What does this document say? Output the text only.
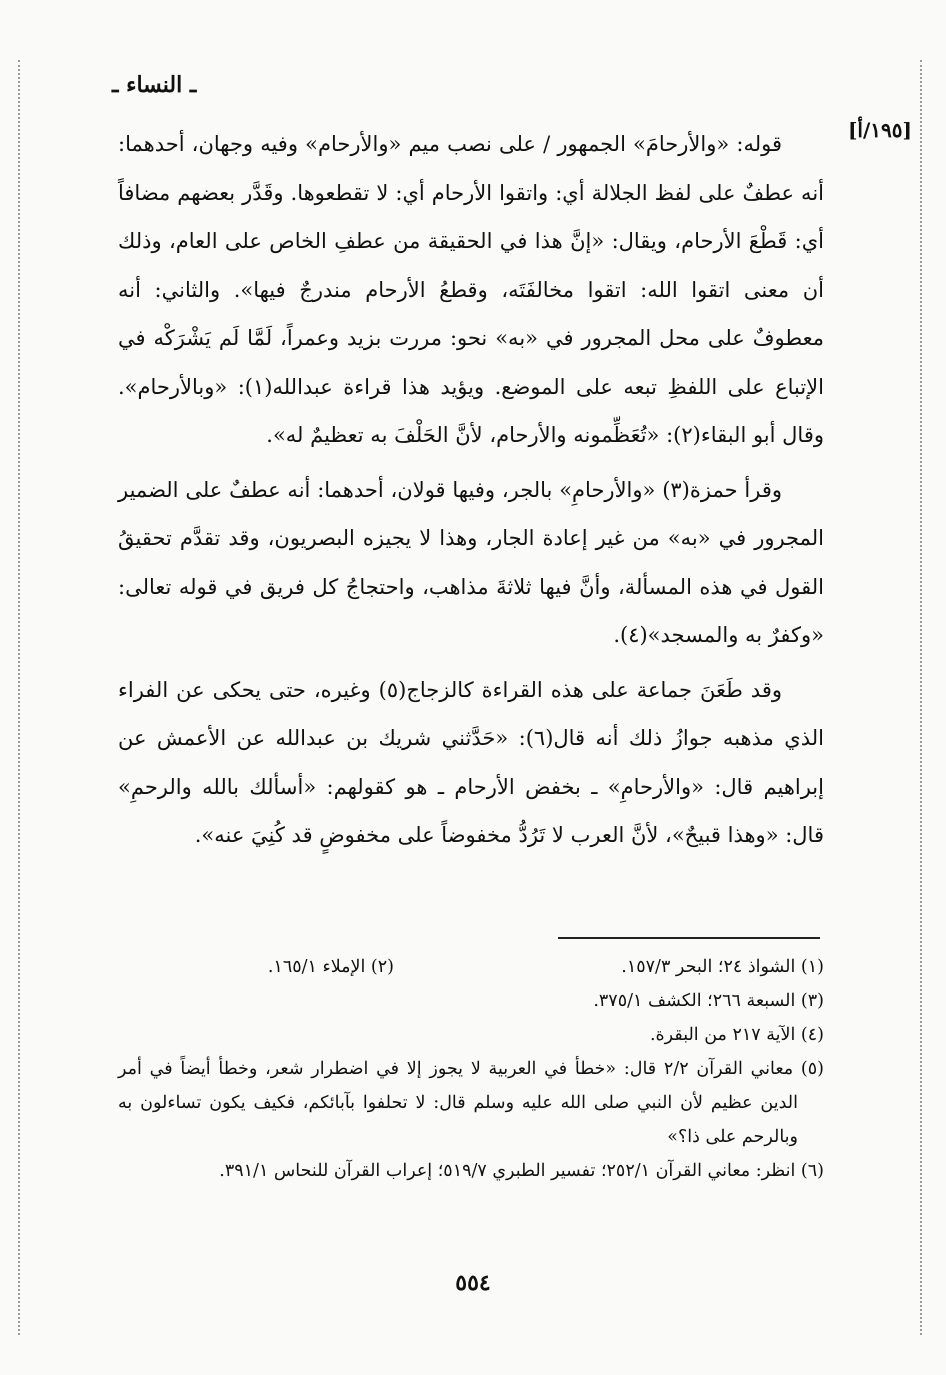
ـ النساء ـ
[١٩٥/أ]

قوله: «والأرحامَ» الجمهور / على نصب ميم «والأرحام» وفيه وجهان، أحدهما: أنه عطفٌ على لفظ الجلالة أي: واتقوا الأرحام أي: لا تقطعوها. وقَدَّر بعضهم مضافاً أي: قَطْعَ الأرحام، ويقال: «إنَّ هذا في الحقيقة من عطفِ الخاص على العام، وذلك أن معنى اتقوا الله: اتقوا مخالفَتَه، وقطعُ الأرحام مندرجٌ فيها». والثاني: أنه معطوفٌ على محل المجرور في «به» نحو: مررت بزيد وعمراً، لَمَّا لَم يَشْرَكْه في الإتباع على اللفظِ تبعه على الموضع. ويؤيد هذا قراءة عبدالله(١): «وبالأرحام». وقال أبو البقاء(٢): «تُعَظِّمونه والأرحام، لأنَّ الحَلْفَ به تعظيمٌ له».

وقرأ حمزة(٣) «والأرحامِ» بالجر، وفيها قولان، أحدهما: أنه عطفٌ على الضمير المجرور في «به» من غير إعادة الجار، وهذا لا يجيزه البصريون، وقد تقدَّم تحقيقُ القول في هذه المسألة، وأنَّ فيها ثلاثةَ مذاهب، واحتجاجُ كل فريق في قوله تعالى: «وكفرٌ به والمسجد»(٤).

وقد طَعَنَ جماعة على هذه القراءة كالزجاج(٥) وغيره، حتى يحكى عن الفراء الذي مذهبه جوازُ ذلك أنه قال(٦): «حَدَّثني شريك بن عبدالله عن الأعمش عن إبراهيم قال: «والأرحامِ» ـ بخفض الأرحام ـ هو كقولهم: «أسألك بالله والرحمِ» قال: «وهذا قبيحٌ»، لأنَّ العرب لا تَرُدُّ مخفوضاً على مخفوضٍ قد كُنِيَ عنه».

(١) الشواذ ٢٤؛ البحر ١٥٧/٣.
(٢) الإملاء ١٦٥/١.
(٣) السبعة ٢٦٦؛ الكشف ٣٧٥/١.
(٤) الآية ٢١٧ من البقرة.
(٥) معاني القرآن ٢/٢ قال: «خطأ في العربية لا يجوز إلا في اضطرار شعر، وخطأ أيضاً في أمر الدين عظيم لأن النبي صلى الله عليه وسلم قال: لا تحلفوا بآبائكم، فكيف يكون تساءلون به وبالرحم على ذا؟»
(٦) انظر: معاني القرآن ٢٥٢/١؛ تفسير الطبري ٥١٩/٧؛ إعراب القرآن للنحاس ٣٩١/١.
٥٥٤
